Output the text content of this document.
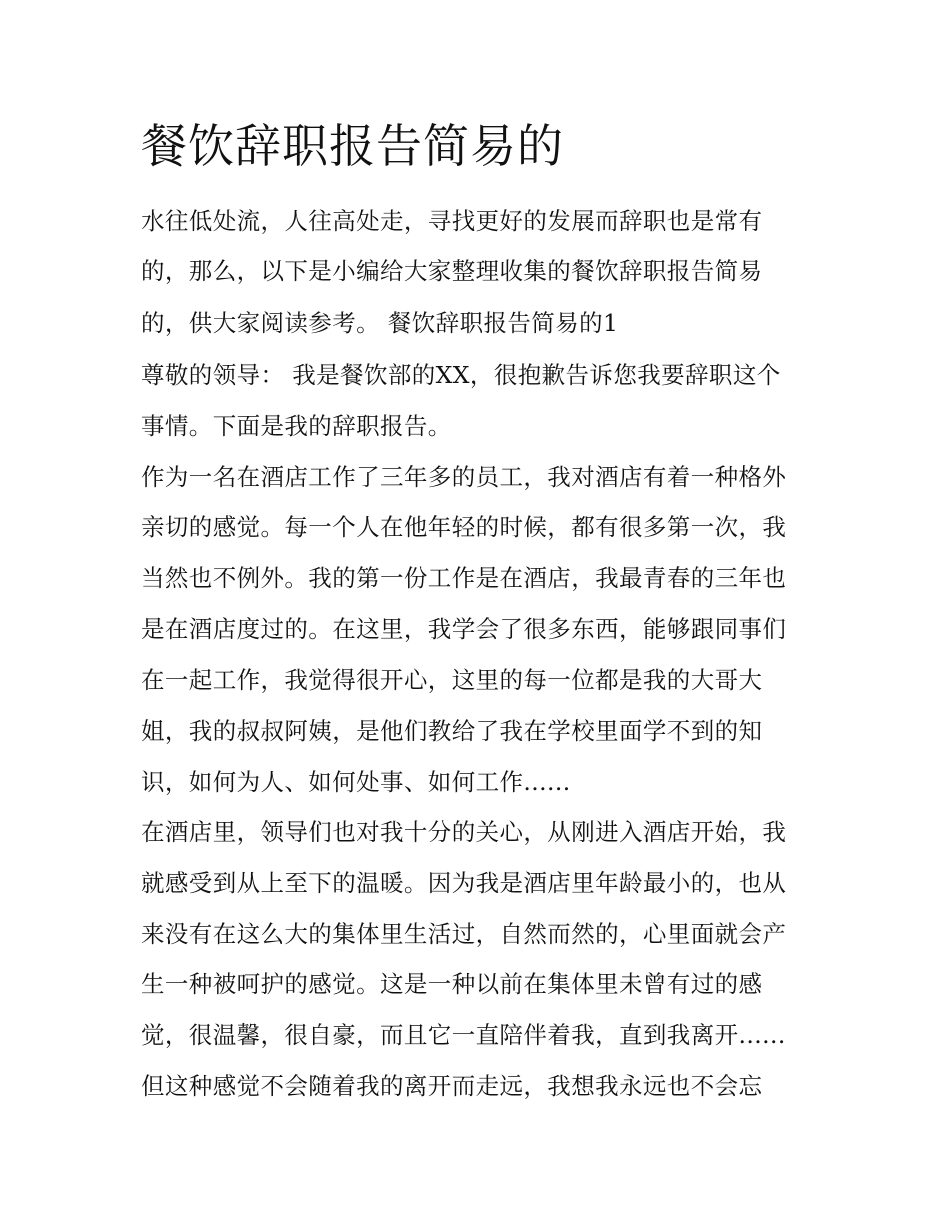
餐饮辞职报告简易的
水往低处流，人往高处走，寻找更好的发展而辞职也是常有
的，那么，以下是小编给大家整理收集的餐饮辞职报告简易
的，供大家阅读参考。 餐饮辞职报告简易的1
尊敬的领导： 我是餐饮部的XX，很抱歉告诉您我要辞职这个
事情。下面是我的辞职报告。
作为一名在酒店工作了三年多的员工，我对酒店有着一种格外
亲切的感觉。每一个人在他年轻的时候，都有很多第一次，我
当然也不例外。我的第一份工作是在酒店，我最青春的三年也
是在酒店度过的。在这里，我学会了很多东西，能够跟同事们
在一起工作，我觉得很开心，这里的每一位都是我的大哥大
姐，我的叔叔阿姨，是他们教给了我在学校里面学不到的知
识，如何为人、如何处事、如何工作......
在酒店里，领导们也对我十分的关心，从刚进入酒店开始，我
就感受到从上至下的温暖。因为我是酒店里年龄最小的，也从
来没有在这么大的集体里生活过，自然而然的，心里面就会产
生一种被呵护的感觉。这是一种以前在集体里未曾有过的感
觉，很温馨，很自豪，而且它一直陪伴着我，直到我离开......
但这种感觉不会随着我的离开而走远，我想我永远也不会忘
